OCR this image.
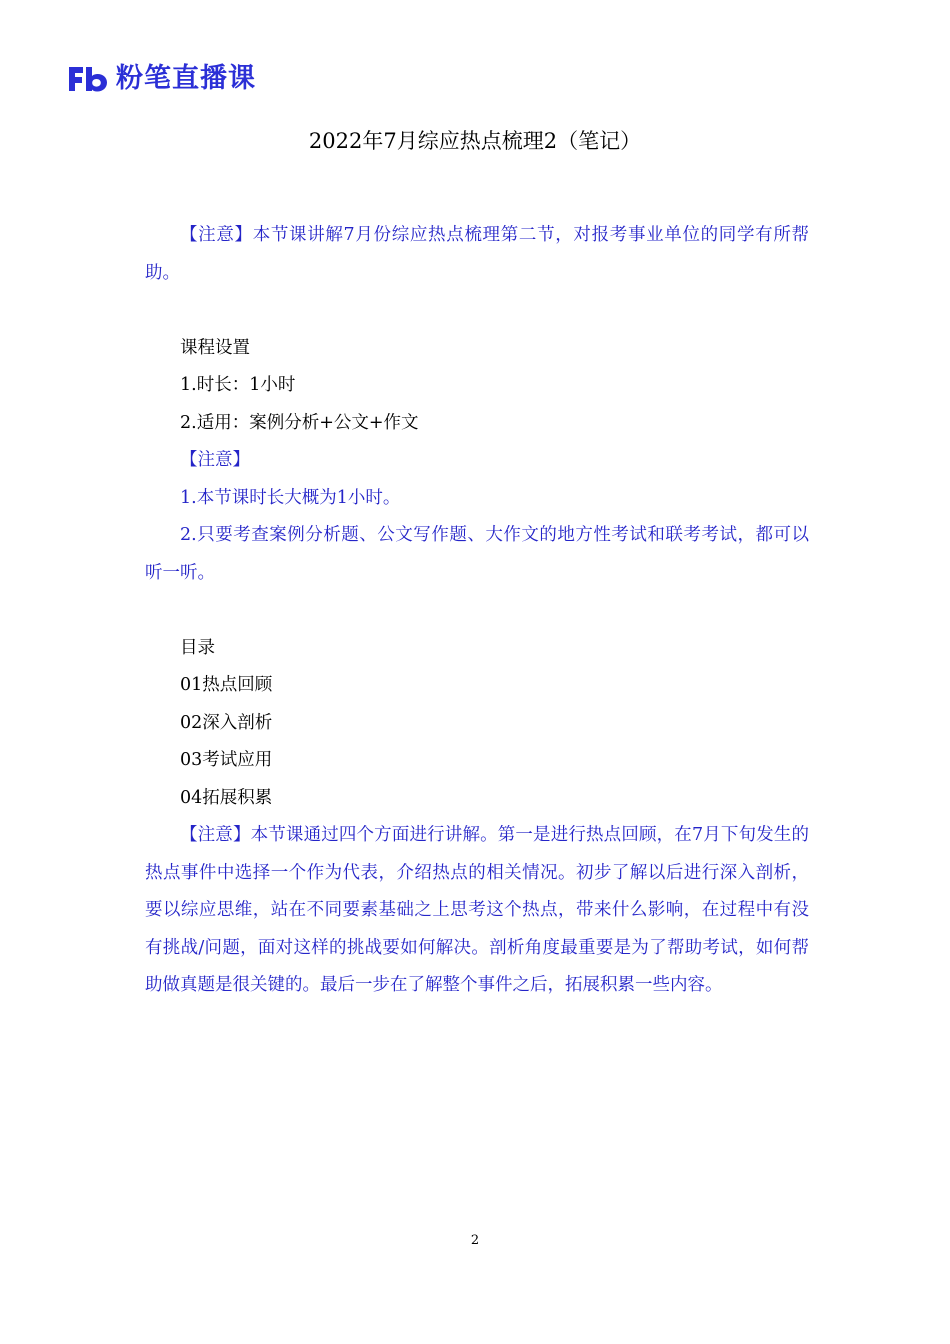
粉笔直播课
2022年7月综应热点梳理2（笔记）

【注意】本节课讲解7月份综应热点梳理第二节，对报考事业单位的同学有所帮助。

课程设置

1.时长：1小时

2.适用：案例分析+公文+作文

【注意】

1.本节课时长大概为1小时。

2.只要考查案例分析题、公文写作题、大作文的地方性考试和联考考试，都可以听一听。

目录

01热点回顾

02深入剖析

03考试应用

04拓展积累

【注意】本节课通过四个方面进行讲解。第一是进行热点回顾，在7月下旬发生的热点事件中选择一个作为代表，介绍热点的相关情况。初步了解以后进行深入剖析，要以综应思维，站在不同要素基础之上思考这个热点，带来什么影响，在过程中有没有挑战/问题，面对这样的挑战要如何解决。剖析角度最重要是为了帮助考试，如何帮助做真题是很关键的。最后一步在了解整个事件之后，拓展积累一些内容。

2
